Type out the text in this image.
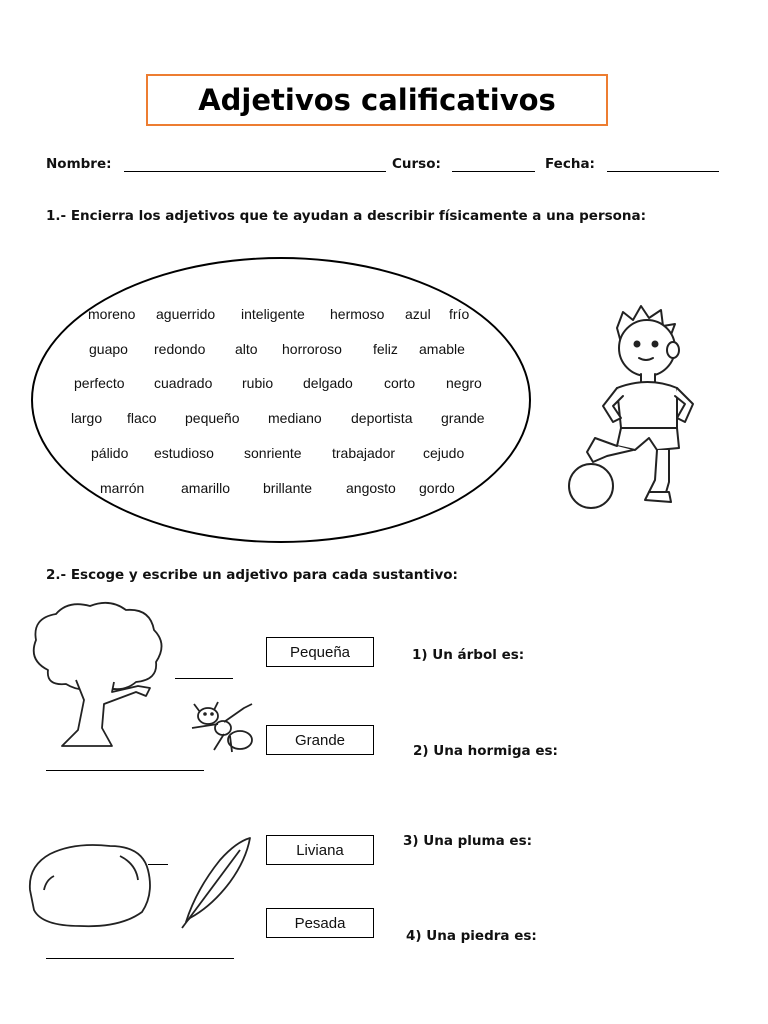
Adjetivos calificativos
Nombre:	Curso:	Fecha:
1.- Encierra los adjetivos que te ayudan a describir físicamente a una persona:
moreno aguerrido inteligente hermoso azul frío
guapo redondo alto horroroso feliz amable
perfecto cuadrado rubio delgado corto negro
largo flaco pequeño mediano deportista grande
pálido estudioso sonriente trabajador cejudo
marrón	amarillo brillante angosto gordo
2.- Escoge y escribe un adjetivo para cada sustantivo:
Pequeña
Grande
Liviana
Pesada
1) Un árbol es:
2) Una hormiga es:
3) Una pluma es:
4) Una piedra es:
